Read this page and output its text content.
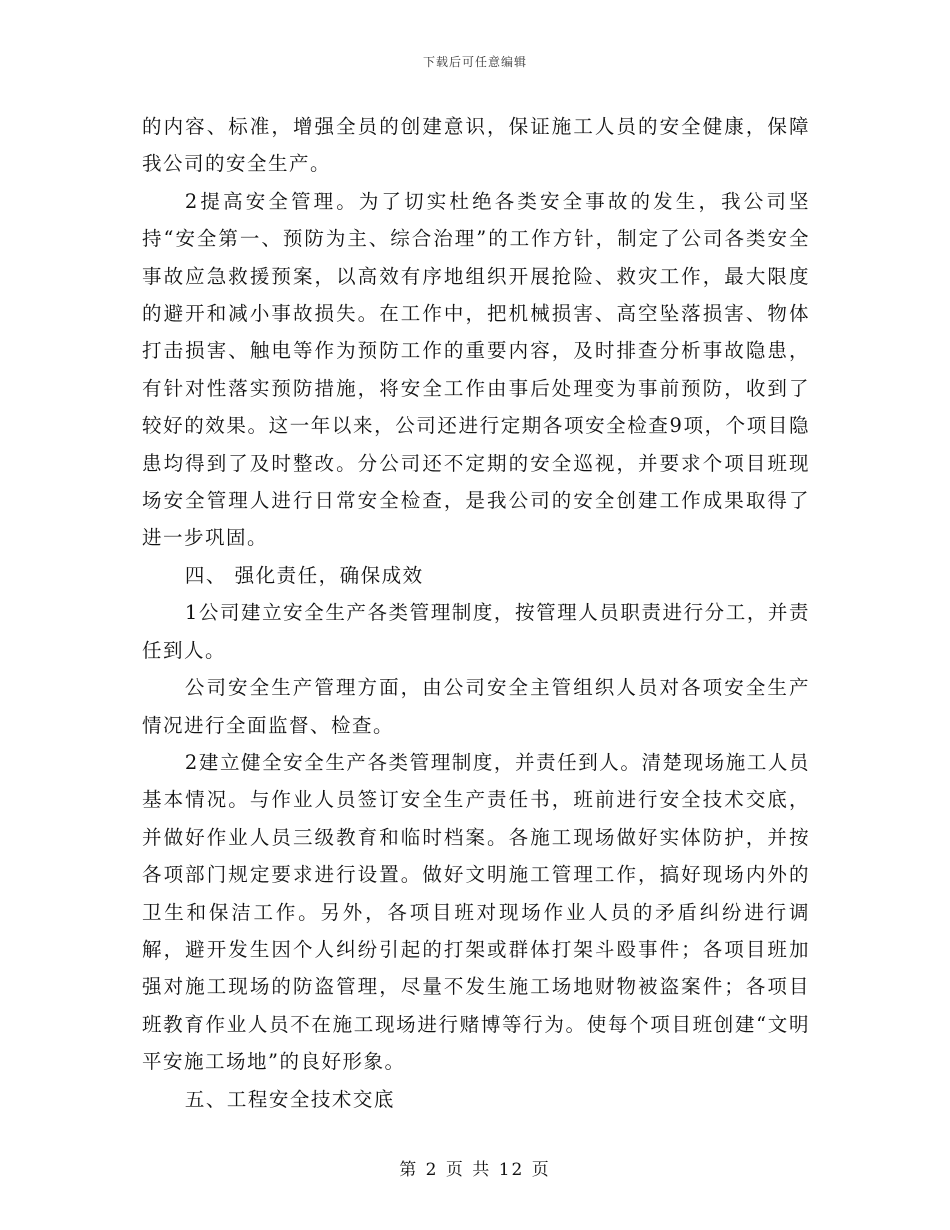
下载后可任意编辑

的内容、标准，增强全员的创建意识，保证施工人员的安全健康，保障我公司的安全生产。

2提高安全管理。为了切实杜绝各类安全事故的发生，我公司坚持“安全第一、预防为主、综合治理”的工作方针，制定了公司各类安全事故应急救援预案，以高效有序地组织开展抢险、救灾工作，最大限度的避开和减小事故损失。在工作中，把机械损害、高空坠落损害、物体打击损害、触电等作为预防工作的重要内容，及时排查分析事故隐患，有针对性落实预防措施，将安全工作由事后处理变为事前预防，收到了较好的效果。这一年以来，公司还进行定期各项安全检查9项，个项目隐患均得到了及时整改。分公司还不定期的安全巡视，并要求个项目班现场安全管理人进行日常安全检查，是我公司的安全创建工作成果取得了进一步巩固。

四、 强化责任，确保成效

1公司建立安全生产各类管理制度，按管理人员职责进行分工，并责任到人。

公司安全生产管理方面，由公司安全主管组织人员对各项安全生产情况进行全面监督、检查。

2建立健全安全生产各类管理制度，并责任到人。清楚现场施工人员基本情况。与作业人员签订安全生产责任书，班前进行安全技术交底，并做好作业人员三级教育和临时档案。各施工现场做好实体防护，并按各项部门规定要求进行设置。做好文明施工管理工作，搞好现场内外的卫生和保洁工作。另外，各项目班对现场作业人员的矛盾纠纷进行调解，避开发生因个人纠纷引起的打架或群体打架斗殴事件；各项目班加强对施工现场的防盗管理，尽量不发生施工场地财物被盗案件；各项目班教育作业人员不在施工现场进行赌博等行为。使每个项目班创建“文明平安施工场地”的良好形象。

五、工程安全技术交底

第 2 页 共 12 页
